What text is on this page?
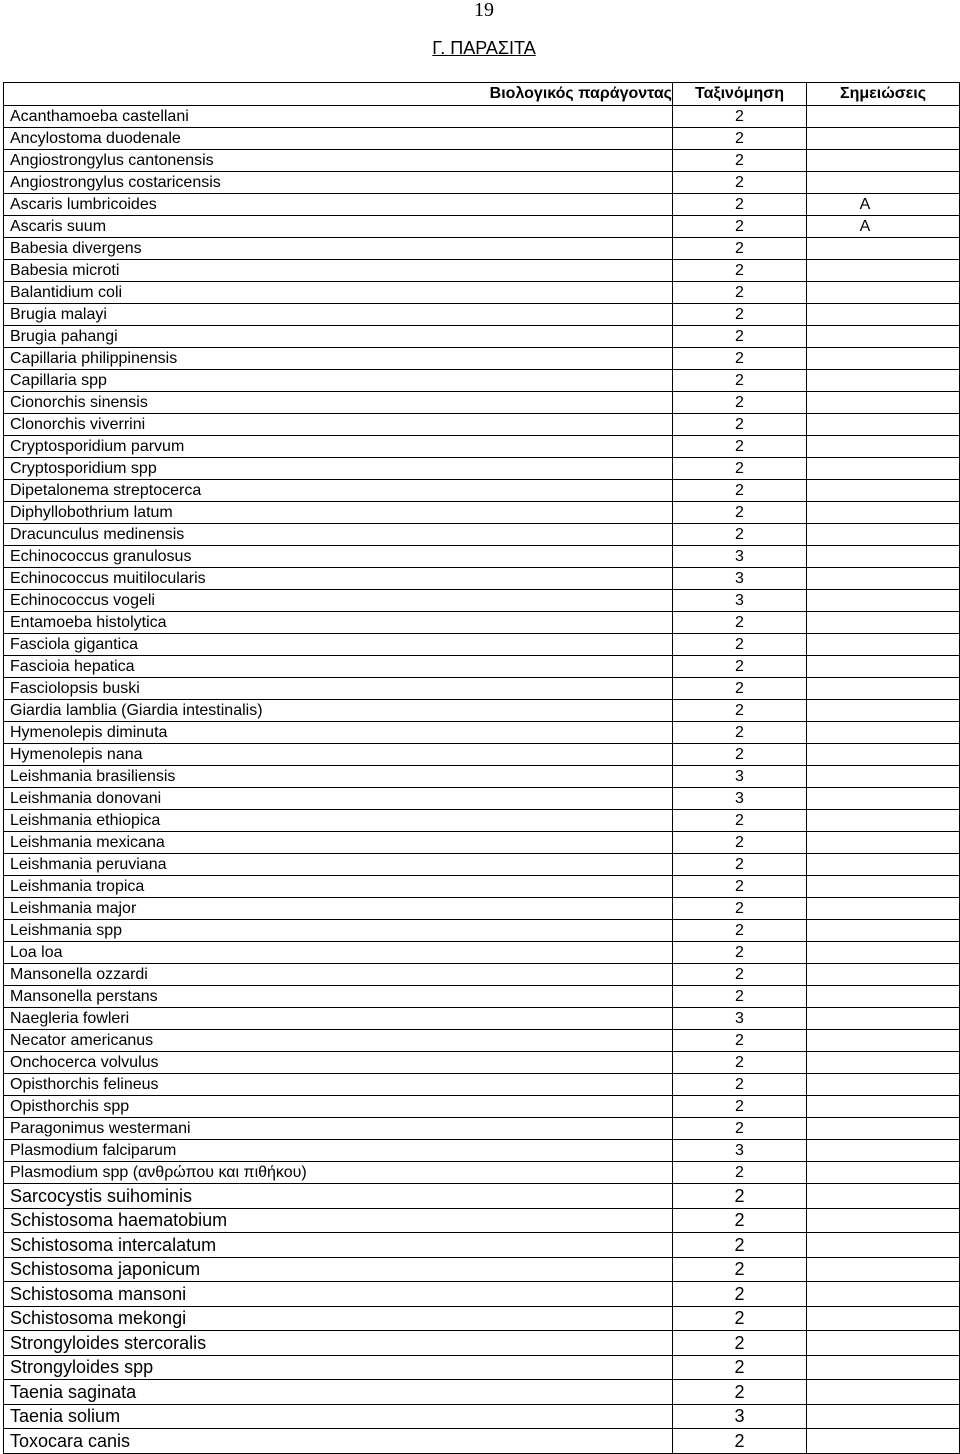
19
Γ. ΠΑΡΑΣΙΤΑ
Βιολογικός παράγοντας	Ταξινόμηση	Σημειώσεις
Acanthamoeba castellani	2	
Ancylostoma duodenale	2	
Angiostrongylus cantonensis	2	
Angiostrongylus costaricensis	2	
Ascaris lumbricoides	2	A
Ascaris suum	2	A
Babesia divergens	2	
Babesia microti	2	
Balantidium coli	2	
Brugia malayi	2	
Brugia pahangi	2	
Capillaria philippinensis	2	
Capillaria spp	2	
Cionorchis sinensis	2	
Clonorchis viverrini	2	
Cryptosporidium parvum	2	
Cryptosporidium spp	2	
Dipetalonema streptocerca	2	
Diphyllobothrium latum	2	
Dracunculus medinensis	2	
Echinococcus granulosus	3	
Echinococcus muitilocularis	3	
Echinococcus vogeli	3	
Entamoeba histolytica	2	
Fasciola gigantica	2	
Fascioia hepatica	2	
Fasciolopsis buski	2	
Giardia lamblia (Giardia intestinalis)	2	
Hymenolepis diminuta	2	
Hymenolepis nana	2	
Leishmania brasiliensis	3	
Leishmania donovani	3	
Leishmania ethiopica	2	
Leishmania mexicana	2	
Leishmania peruviana	2	
Leishmania tropica	2	
Leishmania major	2	
Leishmania spp	2	
Loa loa	2	
Mansonella ozzardi	2	
Mansonella perstans	2	
Naegleria fowleri	3	
Necator americanus	2	
Onchocerca volvulus	2	
Opisthorchis felineus	2	
Opisthorchis spp	2	
Paragonimus westermani	2	
Plasmodium falciparum	3	
Plasmodium spp (ανθρώπου και πιθήκου)	2	
Sarcocystis suihominis	2	
Schistosoma haematobium	2	
Schistosoma intercalatum	2	
Schistosoma japonicum	2	
Schistosoma mansoni	2	
Schistosoma mekongi	2	
Strongyloides stercoralis	2	
Strongyloides spp	2	
Taenia saginata	2	
Taenia solium	3	
Toxocara canis	2	
